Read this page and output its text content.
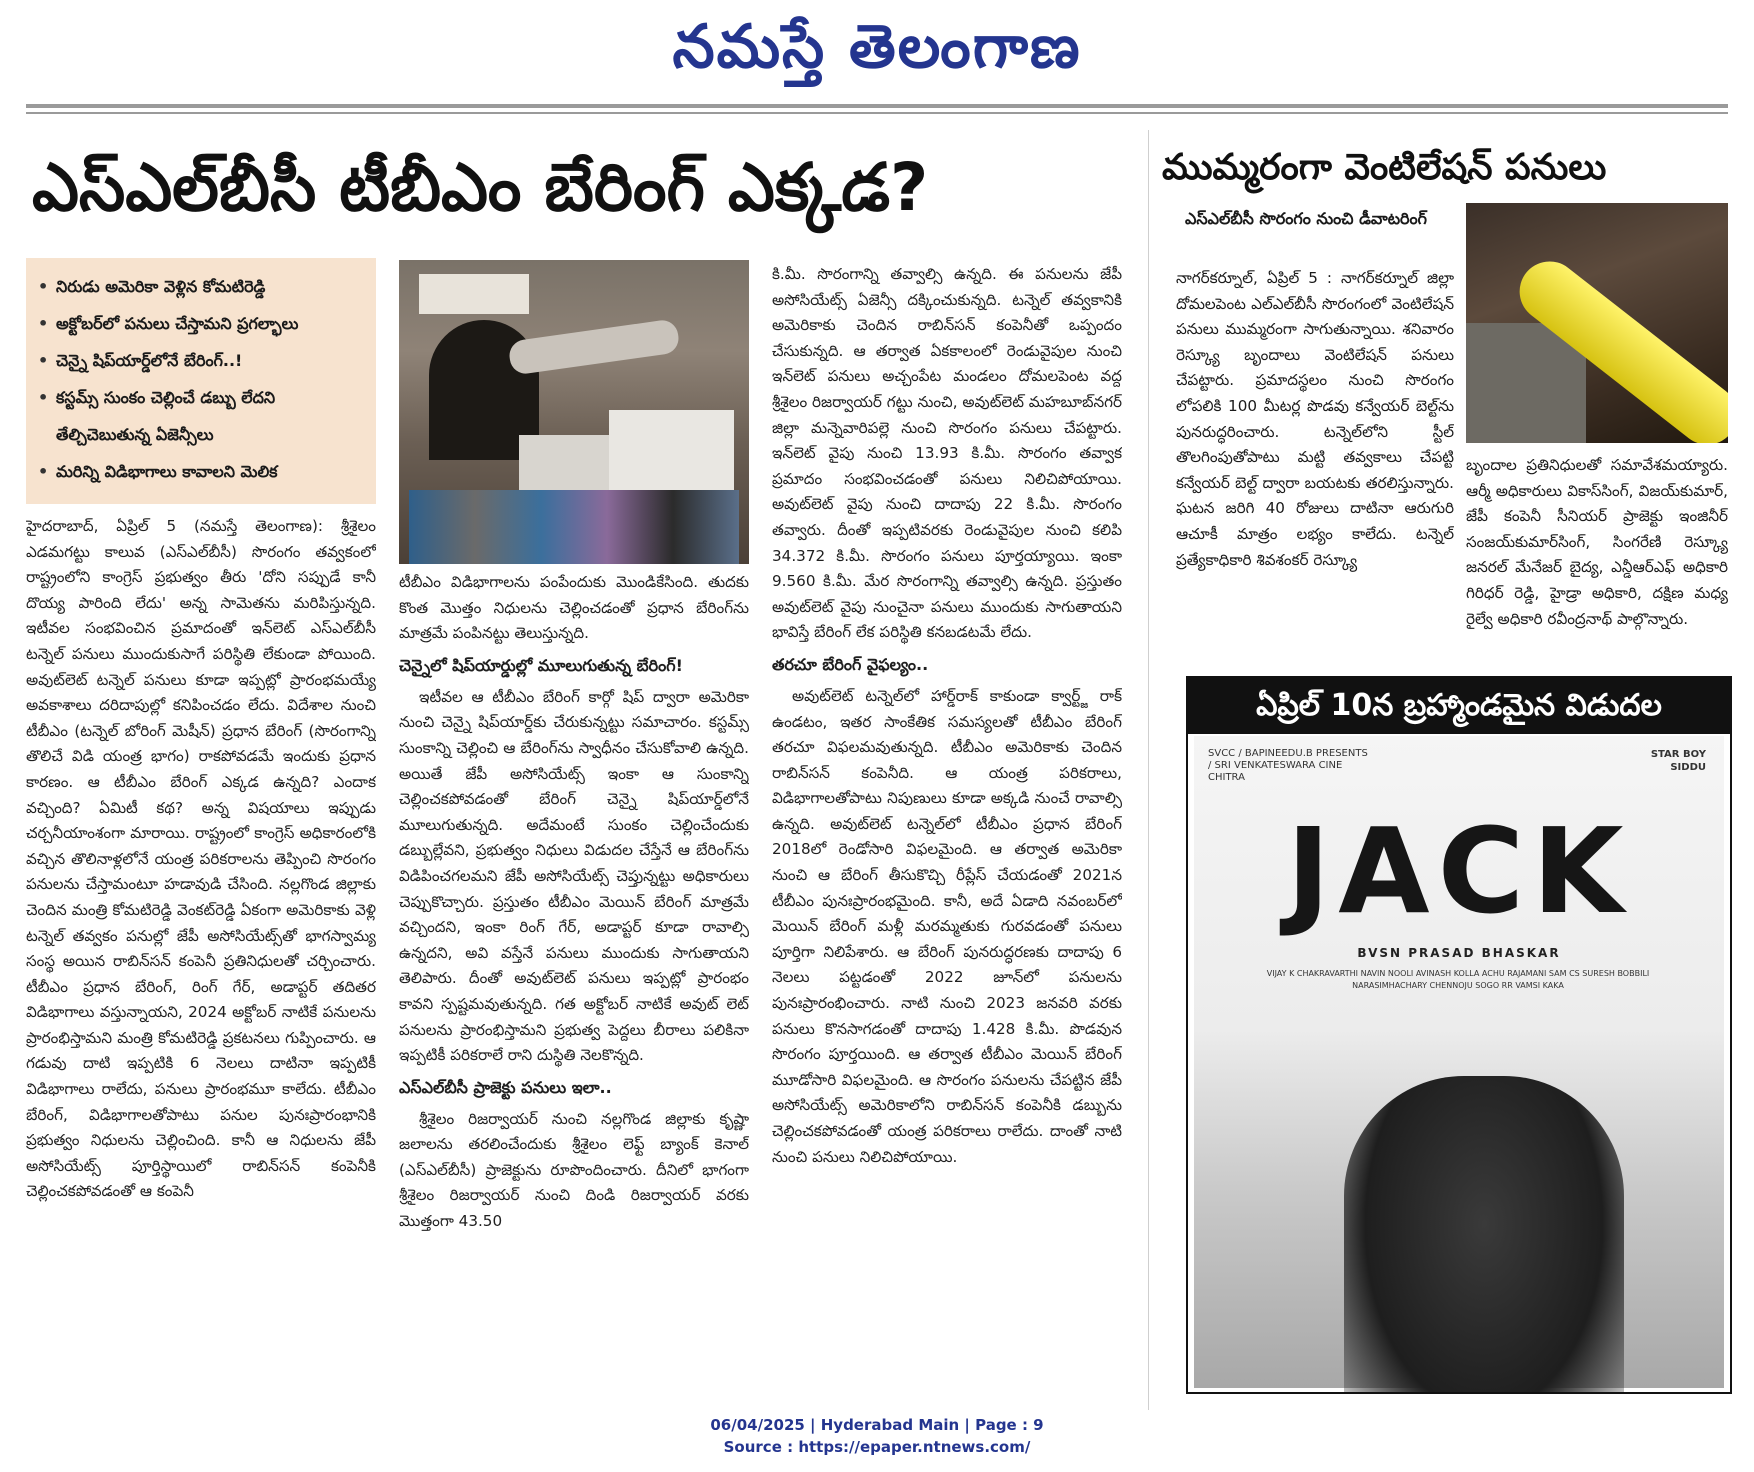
నమస్తే తెలంగాణ
ఎస్‌ఎల్‌బీసీ టీబీఎం బేరింగ్ ఎక్కడ?
• నిరుడు అమెరికా వెళ్లిన కోమటిరెడ్డి
• అక్టోబర్‌లో పనులు చేస్తామని ప్రగల్భాలు
• చెన్నై షిప్‌యార్డ్‌లోనే బేరింగ్..!
• కస్టమ్స్ సుంకం చెల్లించే డబ్బు లేదని తేల్చిచెబుతున్న ఏజెన్సీలు
• మరిన్ని విడిభాగాలు కావాలని మెలిక

హైదరాబాద్, ఏప్రిల్ 5 (నమస్తే తెలంగాణ): శ్రీశైలం ఎడమగట్టు కాలువ (ఎస్‌ఎల్‌బీసీ) సొరంగం తవ్వకంలో రాష్ట్రంలోని కాంగ్రెస్ ప్రభుత్వం తీరు 'దోని సప్పుడే కానీ దొయ్య పారింది లేదు' అన్న సామెతను మరిపిస్తున్నది. ఇటీవల సంభవించిన ప్రమాదంతో ఇన్‌లెట్ ఎస్‌ఎల్‌బీసీ టన్నెల్ పనులు ముందుకుసాగే పరిస్థితి లేకుండా పోయింది. అవుట్‌లెట్ టన్నెల్ పనులు కూడా ఇప్పట్లో ప్రారంభమయ్యే అవకాశాలు దరిదాపుల్లో కనిపించడం లేదు. విదేశాల నుంచి టీబీఎం (టన్నెల్ బోరింగ్ మెషీన్) ప్రధాన బేరింగ్ (సొరంగాన్ని తొలిచే విడి యంత్ర భాగం) రాకపోవడమే ఇందుకు ప్రధాన కారణం. ఆ టీబీఎం బేరింగ్ ఎక్కడ ఉన్నది? ఎందాక వచ్చింది? ఏమిటీ కథ? అన్న విషయాలు ఇప్పుడు చర్చనీయాంశంగా మారాయి. రాష్ట్రంలో కాంగ్రెస్ అధికారంలోకి వచ్చిన తొలినాళ్లలోనే యంత్ర పరికరాలను తెప్పించి సొరంగం పనులను చేస్తామంటూ హడావుడి చేసింది. నల్లగొండ జిల్లాకు చెందిన మంత్రి కోమటిరెడ్డి వెంకట్‌రెడ్డి ఏకంగా అమెరికాకు వెళ్లి టన్నెల్ తవ్వకం పనుల్లో జేపీ అసోసియేట్స్‌తో భాగస్వామ్య సంస్థ అయిన రాబిన్‌సన్ కంపెనీ ప్రతినిధులతో చర్చించారు. టీబీఎం ప్రధాన బేరింగ్, రింగ్ గేర్, అడాప్టర్ తదితర విడిభాగాలు వస్తున్నాయని, 2024 అక్టోబర్ నాటికే పనులను ప్రారంభిస్తామని మంత్రి కోమటిరెడ్డి ప్రకటనలు గుప్పించారు. ఆ గడువు దాటి ఇప్పటికి 6 నెలలు దాటినా ఇప్పటికీ విడిభాగాలు రాలేదు, పనులు ప్రారంభమూ కాలేదు. టీబీఎం బేరింగ్, విడిభాగాలతోపాటు పనుల పునఃప్రారంభానికి ప్రభుత్వం నిధులను చెల్లించింది. కానీ ఆ నిధులను జేపీ అసోసియేట్స్ పూర్తిస్థాయిలో రాబిన్‌సన్ కంపెనీకి చెల్లించకపోవడంతో ఆ కంపెనీ

టీబీఎం విడిభాగాలను పంపేందుకు మొండికేసింది. తుదకు కొంత మొత్తం నిధులను చెల్లించడంతో ప్రధాన బేరింగ్‌ను మాత్రమే పంపినట్టు తెలుస్తున్నది.

చెన్నైలో షిప్‌యార్డుల్లో మూలుగుతున్న బేరింగ్!

ఇటీవల ఆ టీబీఎం బేరింగ్ కార్గో షిప్ ద్వారా అమెరికా నుంచి చెన్నై షిప్‌యార్డ్‌కు చేరుకున్నట్టు సమాచారం. కస్టమ్స్ సుంకాన్ని చెల్లించి ఆ బేరింగ్‌ను స్వాధీనం చేసుకోవాలి ఉన్నది. అయితే జేపీ అసోసియేట్స్ ఇంకా ఆ సుంకాన్ని చెల్లించకపోవడంతో బేరింగ్ చెన్నై షిప్‌యార్డ్‌లోనే మూలుగుతున్నది. అదేమంటే సుంకం చెల్లించేందుకు డబ్బుల్లేవని, ప్రభుత్వం నిధులు విడుదల చేస్తేనే ఆ బేరింగ్‌ను విడిపించగలమని జేపీ అసోసియేట్స్ చెప్తున్నట్టు అధికారులు చెప్పుకొచ్చారు. ప్రస్తుతం టీబీఎం మెయిన్ బేరింగ్ మాత్రమే వచ్చిందని, ఇంకా రింగ్ గేర్, అడాప్టర్ కూడా రావాల్సి ఉన్నదని, అవి వస్తేనే పనులు ముందుకు సాగుతాయని తెలిపారు. దీంతో అవుట్‌లెట్ పనులు ఇప్పట్లో ప్రారంభం కావని స్పష్టమవుతున్నది. గత అక్టోబర్ నాటికే అవుట్ లెట్ పనులను ప్రారంభిస్తామని ప్రభుత్వ పెద్దలు బీరాలు పలికినా ఇప్పటికీ పరికరాలే రాని దుస్థితి నెలకొన్నది.

ఎస్‌ఎల్‌బీసీ ప్రాజెక్టు పనులు ఇలా..

శ్రీశైలం రిజర్వాయర్ నుంచి నల్లగొండ జిల్లాకు కృష్ణా జలాలను తరలించేందుకు శ్రీశైలం లెఫ్ట్ బ్యాంక్ కెనాల్ (ఎస్‌ఎల్‌బీసీ) ప్రాజెక్టును రూపొందించారు. దీనిలో భాగంగా శ్రీశైలం రిజర్వాయర్ నుంచి దిండి రిజర్వాయర్ వరకు మొత్తంగా 43.50

కి.మీ. సొరంగాన్ని తవ్వాల్సి ఉన్నది. ఈ పనులను జేపీ అసోసియేట్స్ ఏజెన్సీ దక్కించుకున్నది. టన్నెల్ తవ్వకానికి అమెరికాకు చెందిన రాబిన్‌సన్ కంపెనీతో ఒప్పందం చేసుకున్నది. ఆ తర్వాత ఏకకాలంలో రెండువైపుల నుంచి ఇన్‌లెట్ పనులు అచ్చంపేట మండలం దోమలపెంట వద్ద శ్రీశైలం రిజర్వాయర్ గట్టు నుంచి, అవుట్‌లెట్ మహబూబ్‌నగర్ జిల్లా మన్నెవారిపల్లె నుంచి సొరంగం పనులు చేపట్టారు. ఇన్‌లెట్ వైపు నుంచి 13.93 కి.మీ. సొరంగం తవ్వాక ప్రమాదం సంభవించడంతో పనులు నిలిచిపోయాయి. అవుట్‌లెట్ వైపు నుంచి దాదాపు 22 కి.మీ. సొరంగం తవ్వారు. దీంతో ఇప్పటివరకు రెండువైపుల నుంచి కలిపి 34.372 కి.మీ. సొరంగం పనులు పూర్తయ్యాయి. ఇంకా 9.560 కి.మీ. మేర సొరంగాన్ని తవ్వాల్సి ఉన్నది. ప్రస్తుతం అవుట్‌లెట్ వైపు నుంచైనా పనులు ముందుకు సాగుతాయని భావిస్తే బేరింగ్ లేక పరిస్థితి కనబడటమే లేదు.

తరచూ బేరింగ్ వైఫల్యం..

అవుట్‌లెట్ టన్నెల్‌లో హార్డ్‌రాక్ కాకుండా క్వార్ట్జ్ రాక్ ఉండటం, ఇతర సాంకేతిక సమస్యలతో టీబీఎం బేరింగ్ తరచూ విఫలమవుతున్నది. టీబీఎం అమెరికాకు చెందిన రాబిన్‌సన్ కంపెనీది. ఆ యంత్ర పరికరాలు, విడిభాగాలతోపాటు నిపుణులు కూడా అక్కడి నుంచే రావాల్సి ఉన్నది. అవుట్‌లెట్ టన్నెల్‌లో టీబీఎం ప్రధాన బేరింగ్ 2018లో రెండోసారి విఫలమైంది. ఆ తర్వాత అమెరికా నుంచి ఆ బేరింగ్ తీసుకొచ్చి రీప్లేస్ చేయడంతో 2021న టీబీఎం పునఃప్రారంభమైంది. కానీ, అదే ఏడాది నవంబర్‌లో మెయిన్ బేరింగ్ మళ్లీ మరమ్మతుకు గురవడంతో పనులు పూర్తిగా నిలిపేశారు. ఆ బేరింగ్ పునరుద్ధరణకు దాదాపు 6 నెలలు పట్టడంతో 2022 జూన్‌లో పనులను పునఃప్రారంభించారు. నాటి నుంచి 2023 జనవరి వరకు పనులు కొనసాగడంతో దాదాపు 1.428 కి.మీ. పొడవున సొరంగం పూర్తయింది. ఆ తర్వాత టీబీఎం మెయిన్ బేరింగ్ మూడోసారి విఫలమైంది. ఆ సొరంగం పనులను చేపట్టిన జేపీ అసోసియేట్స్ అమెరికాలోని రాబిన్‌సన్ కంపెనీకి డబ్బును చెల్లించకపోవడంతో యంత్ర పరికరాలు రాలేదు. దాంతో నాటి నుంచి పనులు నిలిచిపోయాయి.

ముమ్మరంగా వెంటిలేషన్ పనులు
ఎస్‌ఎల్‌బీసీ సొరంగం నుంచి డీవాటరింగ్
నాగర్‌కర్నూల్, ఏప్రిల్ 5 : నాగర్‌కర్నూల్ జిల్లా దోమలపెంట ఎల్‌ఎల్‌బీసీ సొరంగంలో వెంటిలేషన్ పనులు ముమ్మరంగా సాగుతున్నాయి. శనివారం రెస్క్యూ బృందాలు వెంటిలేషన్ పనులు చేపట్టారు. ప్రమాదస్థలం నుంచి సొరంగం లోపలికి 100 మీటర్ల పొడవు కన్వేయర్ బెల్ట్‌ను పునరుద్ధరించారు. టన్నెల్‌లోని స్టీల్ తొలగింపుతోపాటు మట్టి తవ్వకాలు చేపట్టి కన్వేయర్ బెల్ట్ ద్వారా బయటకు తరలిస్తున్నారు. ఘటన జరిగి 40 రోజులు దాటినా ఆరుగురి ఆచూకీ మాత్రం లభ్యం కాలేదు. టన్నెల్ ప్రత్యేకాధికారి శివశంకర్ రెస్క్యూ
బృందాల ప్రతినిధులతో సమావేశమయ్యారు. ఆర్మీ అధికారులు వికాస్‌సింగ్, విజయ్‌కుమార్, జేపీ కంపెనీ సీనియర్ ప్రాజెక్టు ఇంజినీర్ సంజయ్‌కుమార్‌సింగ్, సింగరేణి రెస్క్యూ జనరల్ మేనేజర్ బైద్య, ఎన్డీఆర్‌ఎఫ్ అధికారి గిరిధర్ రెడ్డి, హైడ్రా అధికారి, దక్షిణ మధ్య రైల్వే అధికారి రవీంద్రనాథ్ పాల్గొన్నారు.
ఏప్రిల్ 10న బ్రహ్మాండమైన విడుదల
SVCC / BAPINEEDU.B PRESENTS / SRI VENKATESWARA CINE CHITRA
STAR BOY
SIDDU
JACK
BVSN PRASAD BHASKAR
VIJAY K CHAKRAVARTHI NAVIN NOOLI AVINASH KOLLA ACHU RAJAMANI SAM CS SURESH BOBBILI NARASIMHACHARY CHENNOJU SOGO RR VAMSI KAKA
06/04/2025 | Hyderabad Main | Page : 9
Source : https://epaper.ntnews.com/
